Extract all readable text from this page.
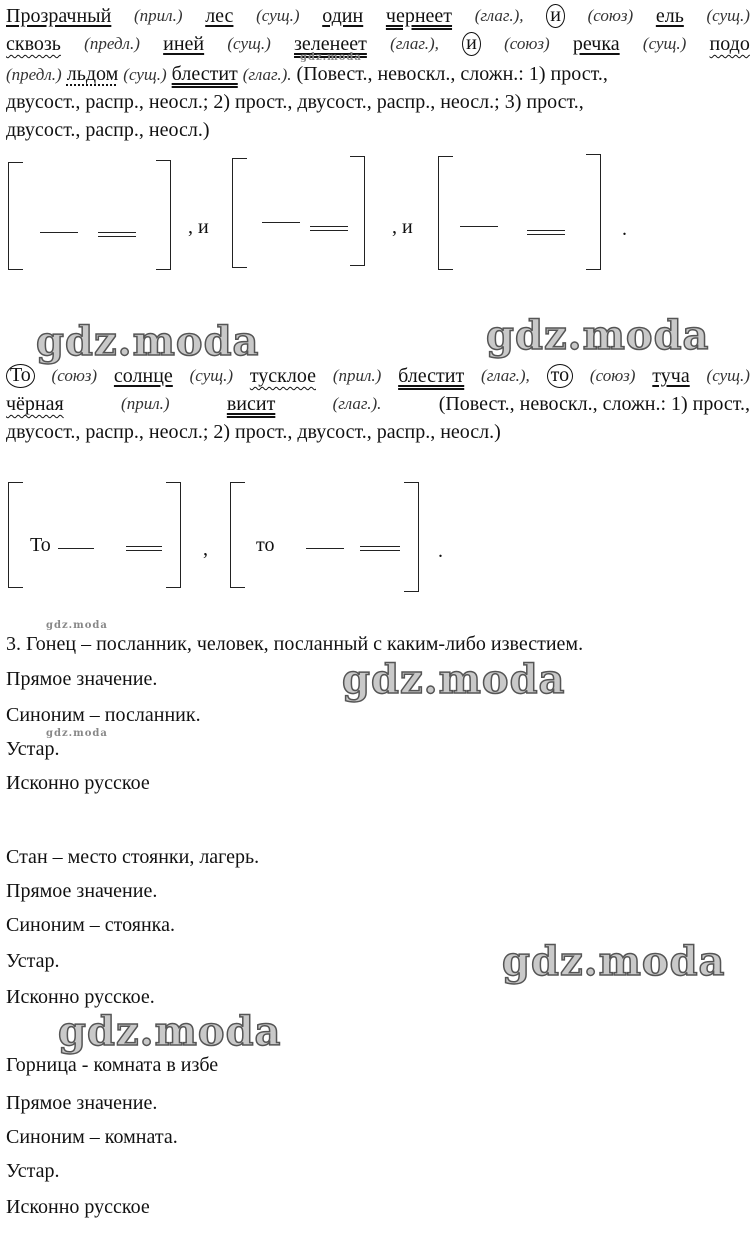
Прозрачный (прил.) лес (сущ.) один чернеет (глаг.), и (союз) ель (сущ.)
сквозь (предл.) иней (сущ.) зеленеет (глаг.), и (союз) речка (сущ.) подо
(предл.) льдом (сущ.) блестит (глаг.). (Повест., невоскл., сложн.: 1) прост.,
двусост., распр., неосл.; 2) прост., двусост., распр., неосл.; 3) прост.,
двусост., распр., неосл.)
, и	, и	.
gdz.moda	gdz.moda
gdz.moda
То (союз) солнце (сущ.) тусклое (прил.) блестит (глаг.), то (союз) туча (сущ.)
чёрная	(прил.)	висит	(глаг.).	(Повест., невоскл., сложн.: 1) прост.,
двусост., распр., неосл.; 2) прост., двусост., распр., неосл.)
То	, то	.
gdz.moda
3. Гонец – посланник, человек, посланный с каким-либо известием.
Прямое значение.	gdz.moda
Синоним – посланник.
gdz.moda
Устар.
Исконно русское
Стан – место стоянки, лагерь.
Прямое значение.
Синоним – стоянка.
Устар.	gdz.moda
Исконно русское.
gdz.moda
Горница - комната в избе
Прямое значение.
Синоним – комната.
Устар.
Исконно русское
